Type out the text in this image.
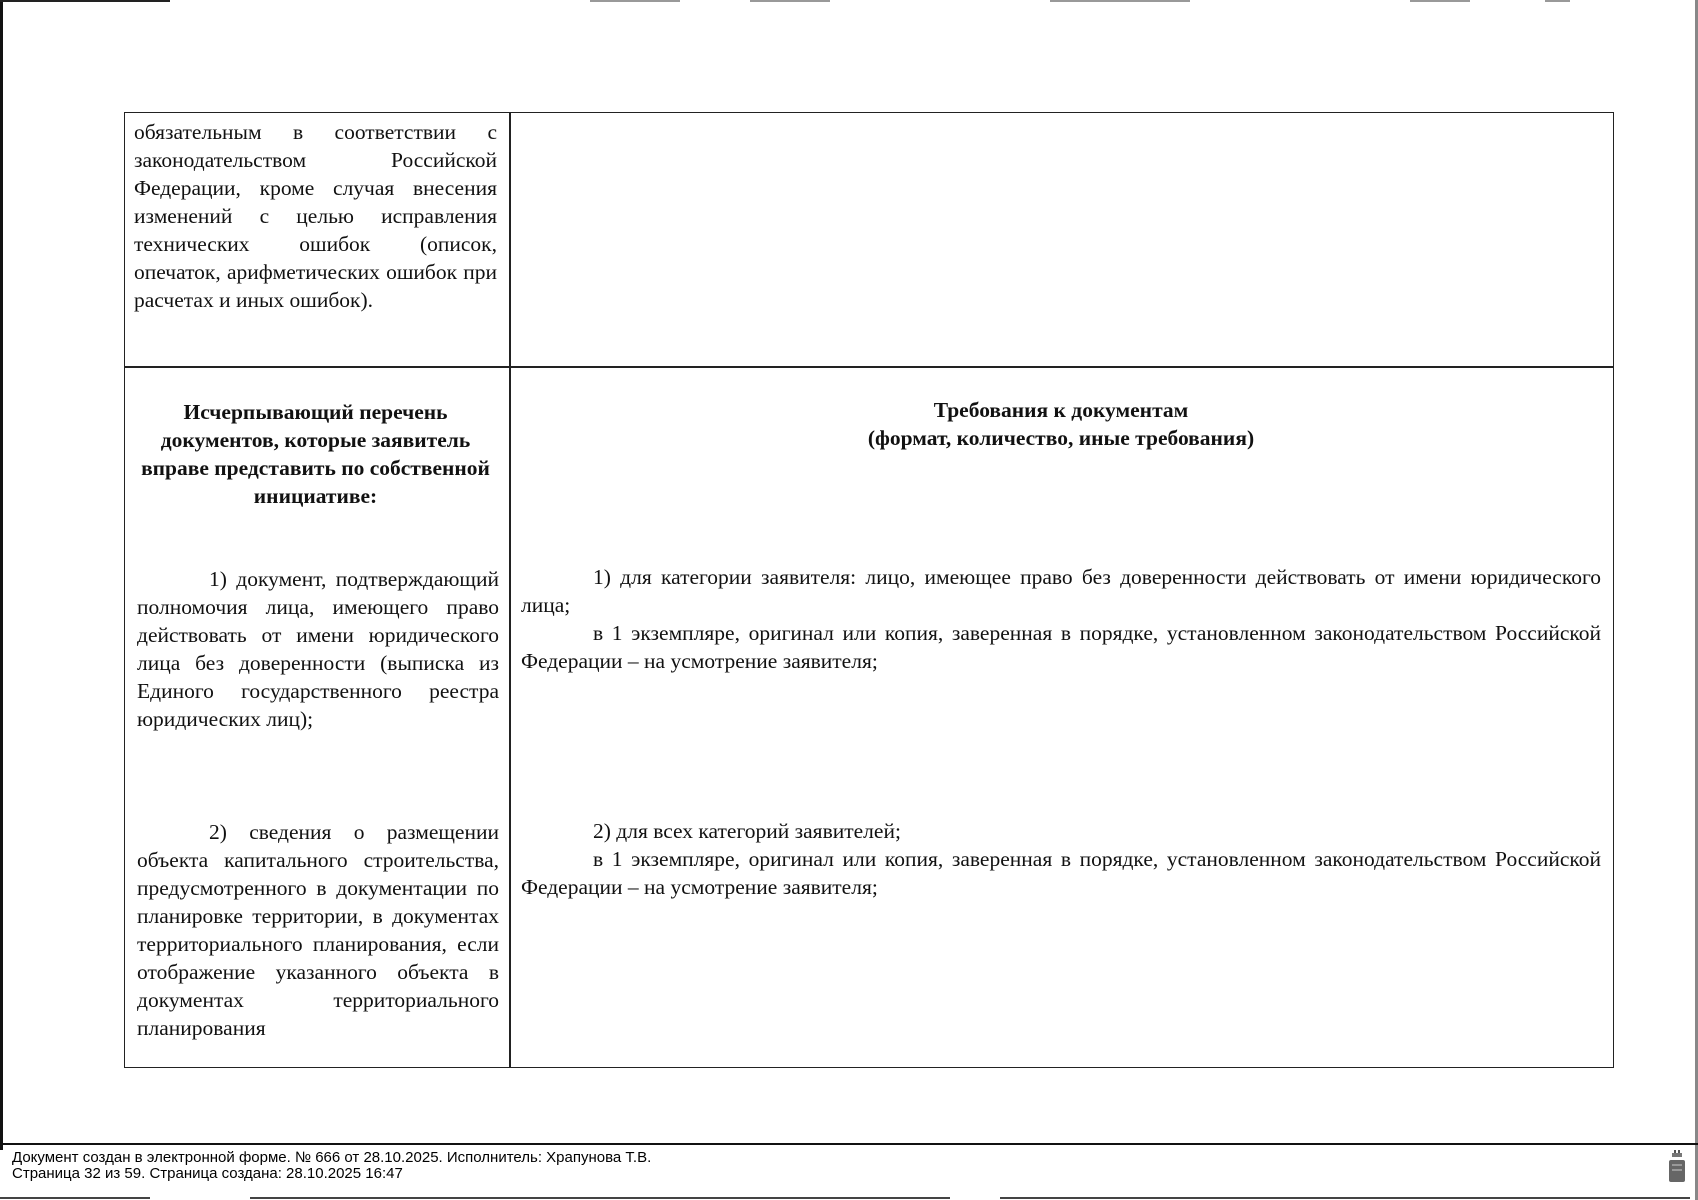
обязательным в соответствии с законодательством Российской Федерации, кроме случая внесения изменений с целью исправления технических ошибок (описок, опечаток, арифметических ошибок при расчетах и иных ошибок).
Исчерпывающий перечень документов, которые заявитель вправе представить по собственной инициативе:
Требования к документам
(формат, количество, иные требования)
1) документ, подтверждающий полномочия лица, имеющего право действовать от имени юридического лица без доверенности (выписка из Единого государственного реестра юридических лиц);
2) сведения о размещении объекта капитального строительства, предусмотренного в документации по планировке территории, в документах территориального планирования, если отображение указанного объекта в документах территориального планирования

1) для категории заявителя: лицо, имеющее право без доверенности действовать от имени юридического лица;

в 1 экземпляре, оригинал или копия, заверенная в порядке, установленном законодательством Российской Федерации – на усмотрение заявителя;

2) для всех категорий заявителей;

в 1 экземпляре, оригинал или копия, заверенная в порядке, установленном законодательством Российской Федерации – на усмотрение заявителя;

Документ создан в электронной форме. № 666 от 28.10.2025. Исполнитель: Храпунова Т.В.
Страница 32 из 59. Страница создана: 28.10.2025 16:47
